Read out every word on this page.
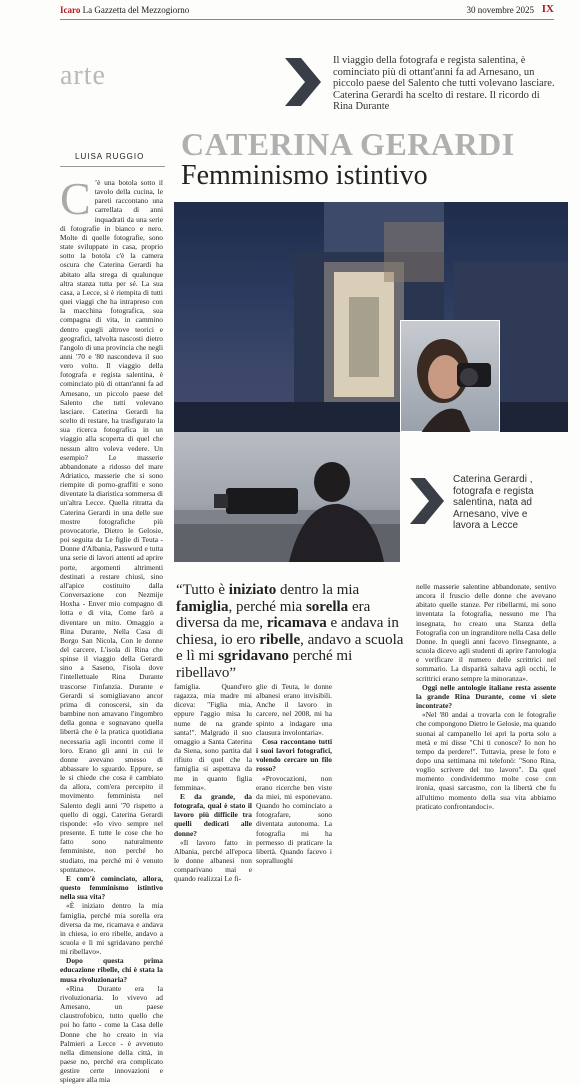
Icaro La Gazzetta del Mezzogiorno	30 novembre 2025 IX
arte	Il viaggio della fotografa e regista salentina, è cominciato più di ottant'anni fa ad Arnesano, un piccolo paese del Salento che tutti volevano lasciare. Caterina Gerardi ha scelto di restare. Il ricordo di Rina Durante
CATERINA GERARDI
Femminismo istintivo
LUISA RUGGIO
C ’è una botola sotto il tavolo della cucina, le pareti raccontano una carrellata di anni inquadrati da una serie di fotografie in bianco e nero. Molte di quelle fotografie, sono state sviluppate in casa, proprio sotto la botola c'è la camera oscura che Caterina Gerardi ha abitato alla strega di qualunque altra stanza tutta per sé. La sua casa, a Lecce, si è riempita di tutti quei viaggi che ha intrapreso con la macchina fotografica, sua compagna di vita, in cammino dentro quegli altrove teorici e geografici, talvolta nascosti dietro l'angolo di una provincia che negli anni '70 e '80 nascondeva il suo vero volto. Il viaggio della fotografa e regista salentina, è cominciato più di ottant'anni fa ad Arnesano, un piccolo paese del Salento che tutti volevano lasciare. Caterina Gerardi ha scelto di restare, ha trasfigurato la sua ricerca fotografica in un viaggio alla scoperta di quel che nessun altro voleva vedere. Un esempio? Le masserie abbandonate a ridosso del mare Adriatico, masserie che si sono riempite di porno-graffiti e sono diventate la diaristica sommersa di un'altra Lecce. Quella ritratta da Caterina Gerardi in una delle sue mostre fotografiche più provocatorie, Dietro le Gelosie, poi seguita da Le figlie di Teuta - Donne d'Albania, Password e tutta una serie di lavori attenti ad aprire porte, argomenti altrimenti destinati a restare chiusi, sino all'apice costituito dalla Conversazione con Nezmije Hoxha - Enver mio compagno di lotta e di vita, Come farò a diventare un mito. Omaggio a Rina Durante, Nella Casa di Borgo San Nicola, Con le donne del carcere, L'isola di Rina che spinse il viaggio della Gerardi sino a Saseno, l'isola dove l'intellettuale Rina Durante trascorse l'infanzia. Durante e Gerardi si somigliavano ancor prima di conoscersi, sin da bambine non amavano l'ingombro della gonna e sognavano quella libertà che è la pratica quotidiana necessaria agli incontri come il loro. Erano gli anni in cui le donne avevano smesso di abbassare lo sguardo. Eppure, se le si chiede che cosa è cambiato da allora, com'era percepito il movimento femminista nel Salento degli anni '70 rispetto a quello di oggi, Caterina Gerardi risponde: «Io vivo sempre nel presente. E tutte le cose che ho fatto sono naturalmente femministe, non perché ho studiato, ma perché mi è venuto spontaneo».

E com'è cominciato, allora, questo femminismo istintivo nella sua vita?

«È iniziato dentro la mia famiglia, perché mia sorella era diversa da me, ricamava e andava in chiesa, io ero ribelle, andavo a scuola e lì mi sgridavano perché mi ribellavo».

Dopo questa prima educazione ribelle, chi è stata la musa rivoluzionaria?

«Rina Durante era la rivoluzionaria. Io vivevo ad Arnesano, un paese claustrofobico, tutto quello che poi ho fatto - come la Casa delle Donne che ho creato in via Palmieri a Lecce - è avvenuto nella dimensione della città, in paese no, perché era complicato gestire certe innovazioni e spiegare alla mia

Caterina Gerardi , fotografa e regista salentina, nata ad Arnesano, vive e lavora a Lecce
“Tutto è iniziato dentro la mia famiglia, perché mia sorella era diversa da me, ricamava e andava in chiesa, io ero ribelle, andavo a scuola e lì mi sgridavano perché mi ribellavo”

famiglia. Quand'ero ragazza, mia madre mi diceva: "Figlia mia, eppure l'aggio misa lu nume de na grande santa!". Malgrado il suo omaggio a Santa Caterina da Siena, sono partita dal rifiuto di quel che la famiglia si aspettava da me in quanto figlia femmina».

E da grande, da fotografa, qual è stato il lavoro più difficile tra quelli dedicati alle donne?

«Il lavoro fatto in Albania, perché all'epoca le donne albanesi non comparivano mai e quando realizzai Le fi-

glie di Teuta, le donne albanesi erano invisibili. Anche il lavoro in carcere, nel 2008, mi ha spinto a indagare una clausura involontaria».

Cosa raccontano tutti i suoi lavori fotografici, volendo cercare un filo rosso?

«Provocazioni, non erano ricerche ben viste da miei, mi esponevano. Quando ho cominciato a fotografare, sono diventata autonoma. La fotografia mi ha permesso di praticare la libertà. Quando facevo i sopralluoghi

nelle masserie salentine abbandonate, sentivo ancora il fruscio delle donne che avevano abitato quelle stanze. Per ribellarmi, mi sono inventata la fotografia, nessuno me l'ha insegnata, ho creato una Stanza della Fotografia con un ingranditore nella Casa delle Donne. In quegli anni facevo l'insegnante, a scuola dicevo agli studenti di aprire l'antologia e verificare il numero delle scrittrici nel sommario. La disparità saltava agli occhi, le scrittrici erano sempre la minoranza».

Oggi nelle antologie italiane resta assente la grande Rina Durante, come vi siete incontrate?

«Nel '80 andai a trovarla con le fotografie che compongono Dietro le Gelosie, ma quando suonai al campanello lei aprì la porta solo a metà e mi disse "Chi ti conosce? Io non ho tempo da perdere!". Tuttavia, prese le foto e dopo una settimana mi telefonò: "Sono Rina, voglio scrivere del tuo lavoro". Da quel momento condividemmo molte cose con ironia, quasi sarcasmo, con la libertà che fu all'ultimo momento della sua vita abbiamo praticato confrontandoci».
